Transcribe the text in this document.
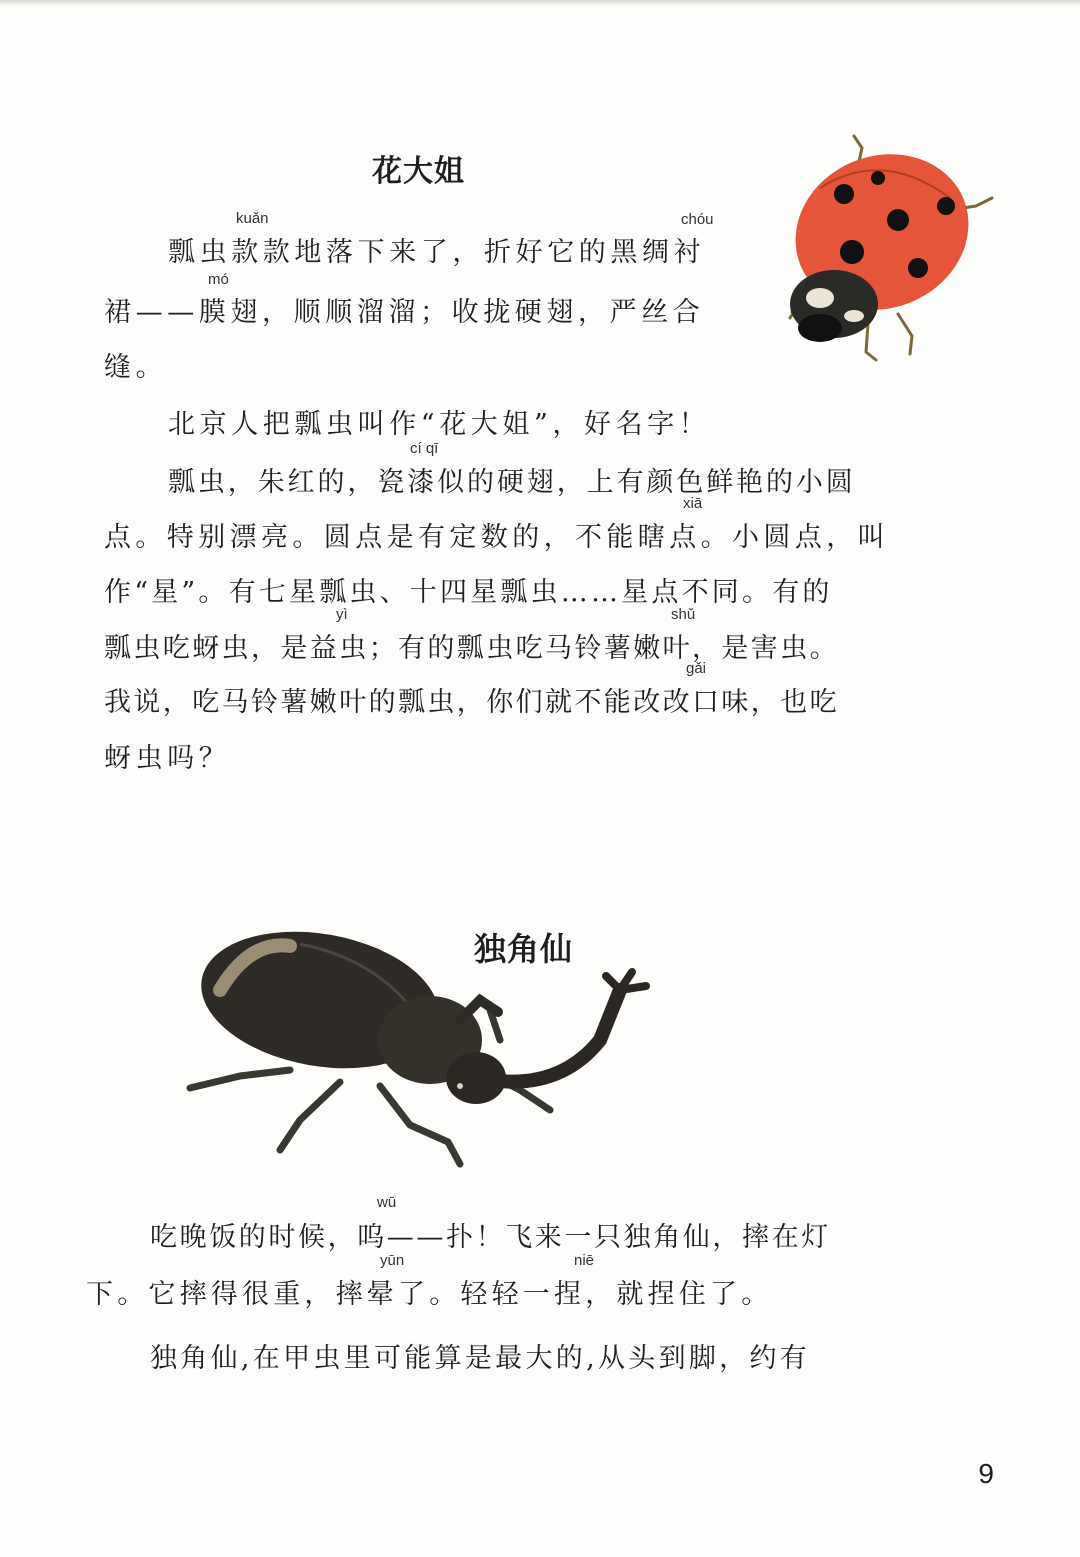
花大姐
kuǎn	chóu
瓢虫款款地落下来了，折好它的黑绸衬
mó
裙——膜翅，顺顺溜溜；收拢硬翅，严丝合
缝。
北京人把瓢虫叫作“花大姐”，好名字！
cí qī
瓢虫，朱红的，瓷漆似的硬翅，上有颜色鲜艳的小圆
xiā
点。特别漂亮。圆点是有定数的，不能瞎点。小圆点，叫
作“星”。有七星瓢虫、十四星瓢虫……星点不同。有的
yì	shǔ
瓢虫吃蚜虫，是益虫；有的瓢虫吃马铃薯嫩叶，是害虫。
gǎi
我说，吃马铃薯嫩叶的瓢虫，你们就不能改改口味，也吃
蚜虫吗？
独角仙
wū
吃晚饭的时候，呜——扑！飞来一只独角仙，摔在灯
yūn	niē
下。它摔得很重，摔晕了。轻轻一捏，就捏住了。
独角仙,在甲虫里可能算是最大的,从头到脚，约有
9
